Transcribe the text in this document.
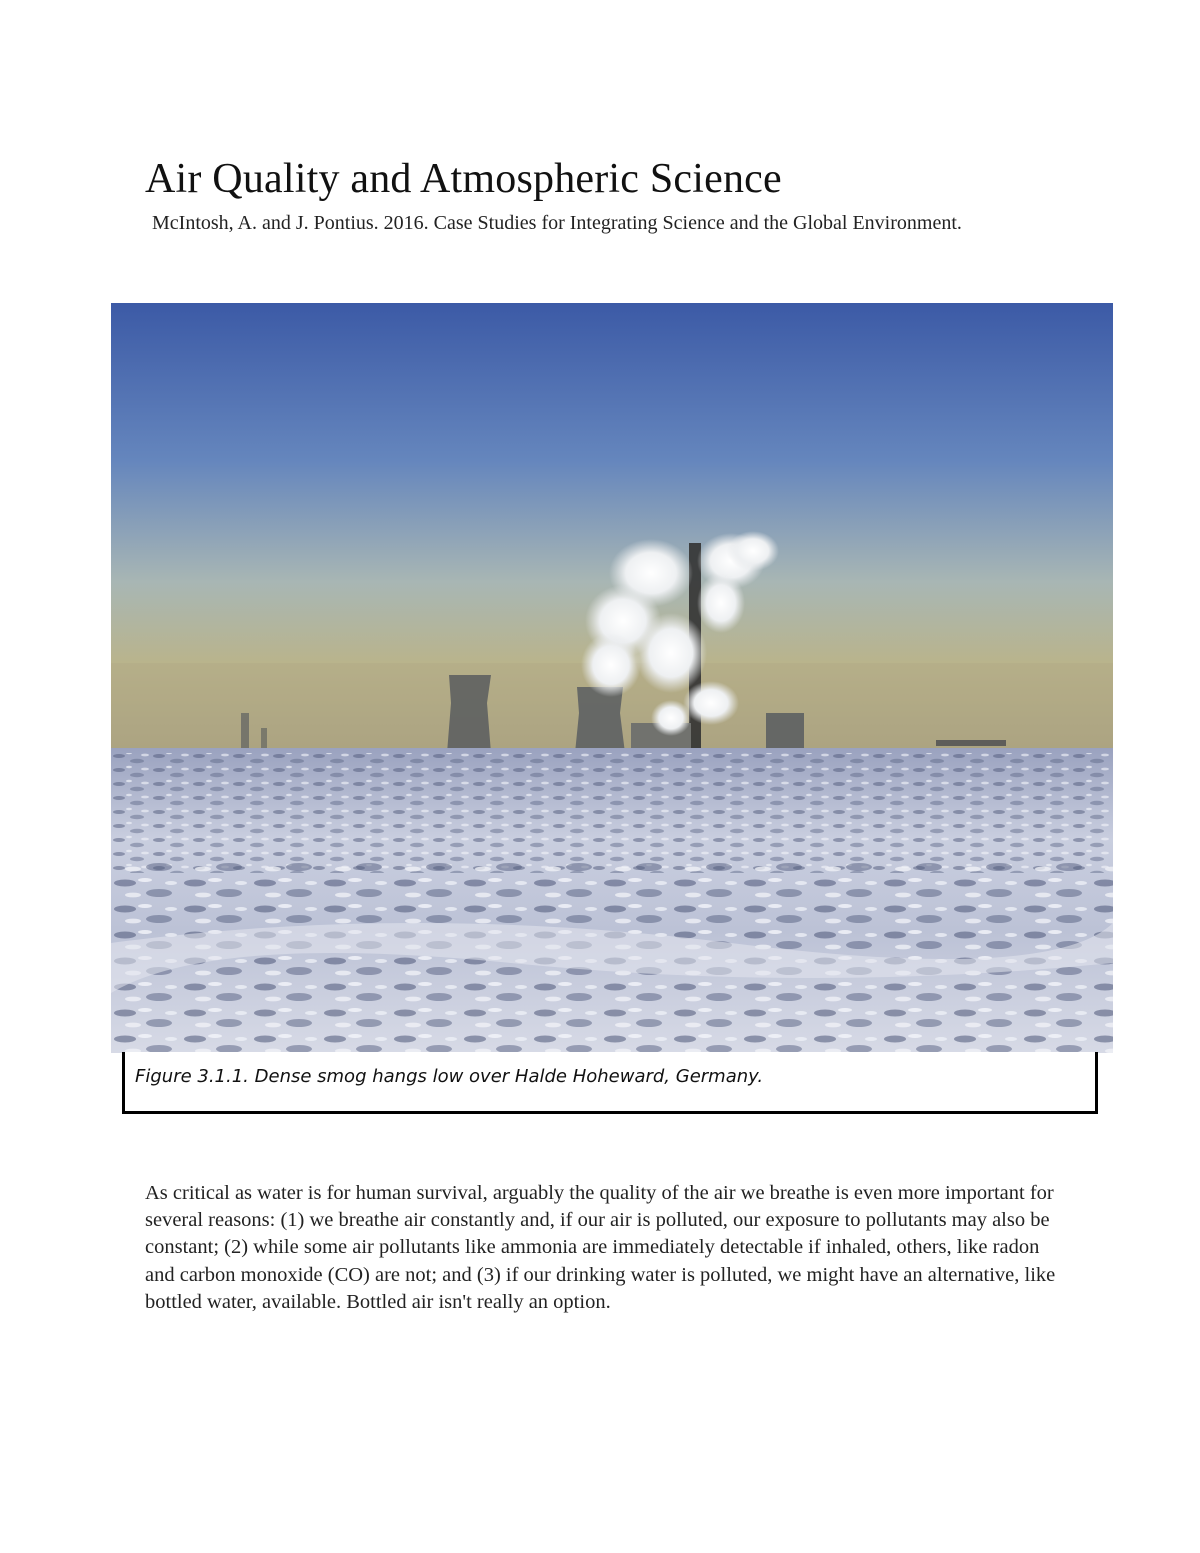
Air Quality and Atmospheric Science
McIntosh, A. and J. Pontius. 2016. Case Studies for Integrating Science and the Global Environment.
Figure 3.1.1. Dense smog hangs low over Halde Hoheward, Germany.

As critical as water is for human survival, arguably the quality of the air we breathe is even more important for several reasons: (1) we breathe air constantly and, if our air is polluted, our exposure to pollutants may also be constant; (2) while some air pollutants like ammonia are immediately detectable if inhaled, others, like radon and carbon monoxide (CO) are not; and (3) if our drinking water is polluted, we might have an alternative, like bottled water, available. Bottled air isn't really an option.
